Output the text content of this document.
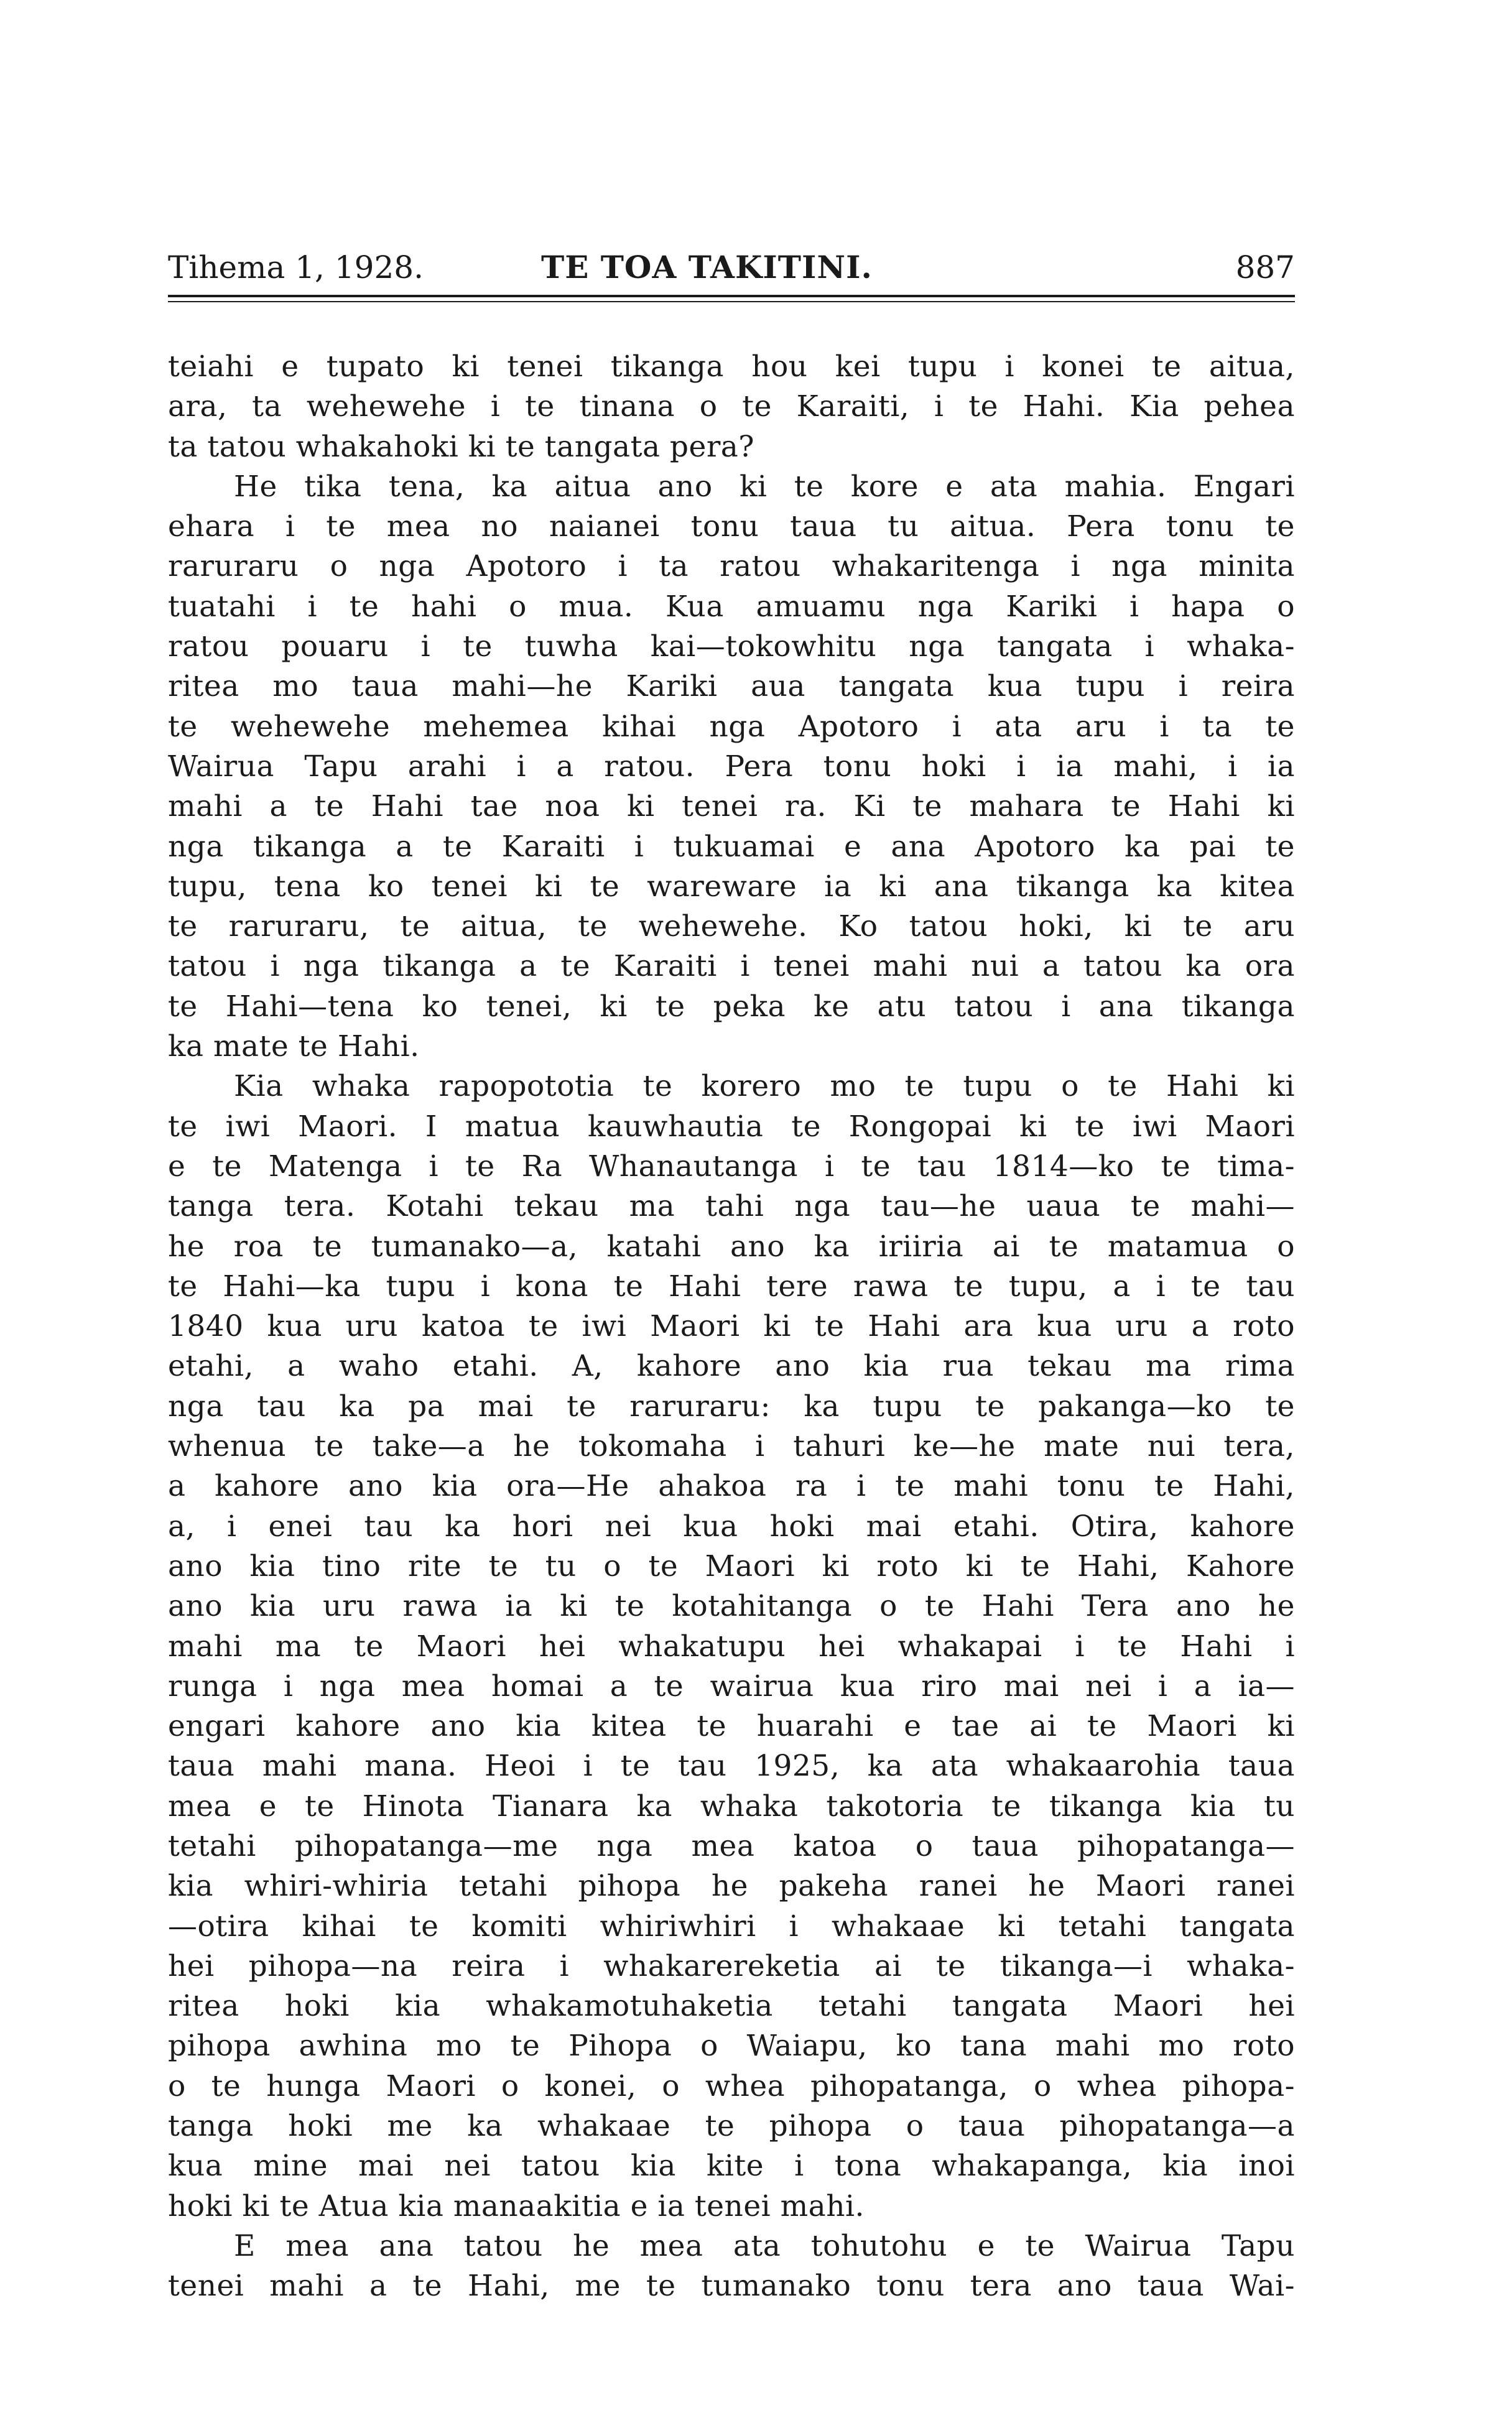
Tihema 1, 1928.	TE TOA TAKITINI.	887
teiahi e tupato ki tenei tikanga hou kei tupu i konei te aitua,
ara, ta wehewehe i te tinana o te Karaiti, i te Hahi. Kia pehea
ta tatou whakahoki ki te tangata pera?
He tika tena, ka aitua ano ki te kore e ata mahia. Engari
ehara i te mea no naianei tonu taua tu aitua. Pera tonu te
raruraru o nga Apotoro i ta ratou whakaritenga i nga minita
tuatahi i te hahi o mua. Kua amuamu nga Kariki i hapa o
ratou pouaru i te tuwha kai—tokowhitu nga tangata i whaka-
ritea mo taua mahi—he Kariki aua tangata kua tupu i reira
te wehewehe mehemea kihai nga Apotoro i ata aru i ta te
Wairua Tapu arahi i a ratou. Pera tonu hoki i ia mahi, i ia
mahi a te Hahi tae noa ki tenei ra. Ki te mahara te Hahi ki
nga tikanga a te Karaiti i tukuamai e ana Apotoro ka pai te
tupu, tena ko tenei ki te wareware ia ki ana tikanga ka kitea
te raruraru, te aitua, te wehewehe. Ko tatou hoki, ki te aru
tatou i nga tikanga a te Karaiti i tenei mahi nui a tatou ka ora
te Hahi—tena ko tenei, ki te peka ke atu tatou i ana tikanga
ka mate te Hahi.
Kia whaka rapopototia te korero mo te tupu o te Hahi ki
te iwi Maori. I matua kauwhautia te Rongopai ki te iwi Maori
e te Matenga i te Ra Whanautanga i te tau 1814—ko te tima-
tanga tera. Kotahi tekau ma tahi nga tau—he uaua te mahi—
he roa te tumanako—a, katahi ano ka iriiria ai te matamua o
te Hahi—ka tupu i kona te Hahi tere rawa te tupu, a i te tau
1840 kua uru katoa te iwi Maori ki te Hahi ara kua uru a roto
etahi, a waho etahi. A, kahore ano kia rua tekau ma rima
nga tau ka pa mai te raruraru: ka tupu te pakanga—ko te
whenua te take—a he tokomaha i tahuri ke—he mate nui tera,
a kahore ano kia ora—He ahakoa ra i te mahi tonu te Hahi,
a, i enei tau ka hori nei kua hoki mai etahi. Otira, kahore
ano kia tino rite te tu o te Maori ki roto ki te Hahi, Kahore
ano kia uru rawa ia ki te kotahitanga o te Hahi Tera ano he
mahi ma te Maori hei whakatupu hei whakapai i te Hahi i
runga i nga mea homai a te wairua kua riro mai nei i a ia—
engari kahore ano kia kitea te huarahi e tae ai te Maori ki
taua mahi mana. Heoi i te tau 1925, ka ata whakaarohia taua
mea e te Hinota Tianara ka whaka takotoria te tikanga kia tu
tetahi pihopatanga—me nga mea katoa o taua pihopatanga—
kia whiri-whiria tetahi pihopa he pakeha ranei he Maori ranei
—otira kihai te komiti whiriwhiri i whakaae ki tetahi tangata
hei pihopa—na reira i whakarereketia ai te tikanga—i whaka-
ritea hoki kia whakamotuhaketia tetahi tangata Maori hei
pihopa awhina mo te Pihopa o Waiapu, ko tana mahi mo roto
o te hunga Maori o konei, o whea pihopatanga, o whea pihopa-
tanga hoki me ka whakaae te pihopa o taua pihopatanga—a
kua mine mai nei tatou kia kite i tona whakapanga, kia inoi
hoki ki te Atua kia manaakitia e ia tenei mahi.
E mea ana tatou he mea ata tohutohu e te Wairua Tapu
tenei mahi a te Hahi, me te tumanako tonu tera ano taua Wai-
